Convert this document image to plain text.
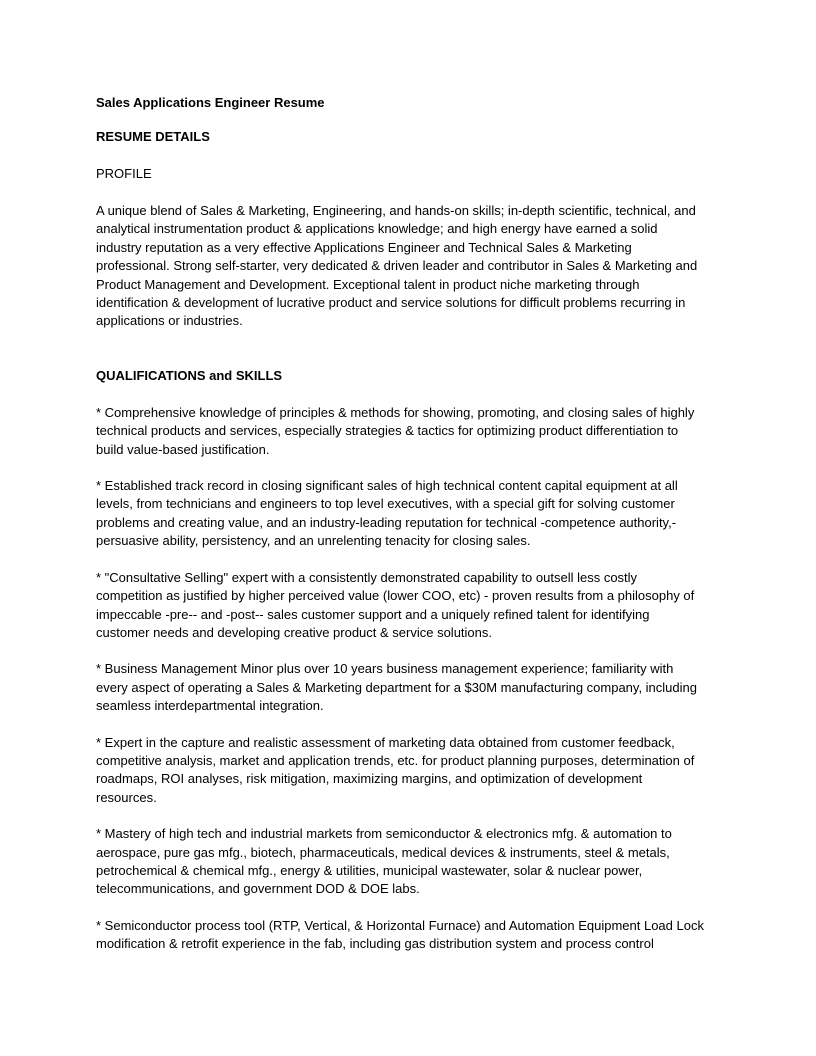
Sales Applications Engineer Resume

RESUME DETAILS

PROFILE

A unique blend of Sales & Marketing, Engineering, and hands-on skills; in-depth scientific, technical, and
analytical instrumentation product & applications knowledge; and high energy have earned a solid
industry reputation as a very effective Applications Engineer and Technical Sales & Marketing
professional. Strong self-starter, very dedicated & driven leader and contributor in Sales & Marketing and
Product Management and Development. Exceptional talent in product niche marketing through
identification & development of lucrative product and service solutions for difficult problems recurring in
applications or industries.

QUALIFICATIONS and SKILLS

* Comprehensive knowledge of principles & methods for showing, promoting, and closing sales of highly
technical products and services, especially strategies & tactics for optimizing product differentiation to
build value-based justification.
* Established track record in closing significant sales of high technical content capital equipment at all
levels, from technicians and engineers to top level executives, with a special gift for solving customer
problems and creating value, and an industry-leading reputation for technical -competence authority,-
persuasive ability, persistency, and an unrelenting tenacity for closing sales.
* "Consultative Selling" expert with a consistently demonstrated capability to outsell less costly
competition as justified by higher perceived value (lower COO, etc) - proven results from a philosophy of
impeccable -pre-- and -post-- sales customer support and a uniquely refined talent for identifying
customer needs and developing creative product & service solutions.
* Business Management Minor plus over 10 years business management experience; familiarity with
every aspect of operating a Sales & Marketing department for a $30M manufacturing company, including
seamless interdepartmental integration.
* Expert in the capture and realistic assessment of marketing data obtained from customer feedback,
competitive analysis, market and application trends, etc. for product planning purposes, determination of
roadmaps, ROI analyses, risk mitigation, maximizing margins, and optimization of development
resources.
* Mastery of high tech and industrial markets from semiconductor & electronics mfg. & automation to
aerospace, pure gas mfg., biotech, pharmaceuticals, medical devices & instruments, steel & metals,
petrochemical & chemical mfg., energy & utilities, municipal wastewater, solar & nuclear power,
telecommunications, and government DOD & DOE labs.
* Semiconductor process tool (RTP, Vertical, & Horizontal Furnace) and Automation Equipment Load Lock
modification & retrofit experience in the fab, including gas distribution system and process control
